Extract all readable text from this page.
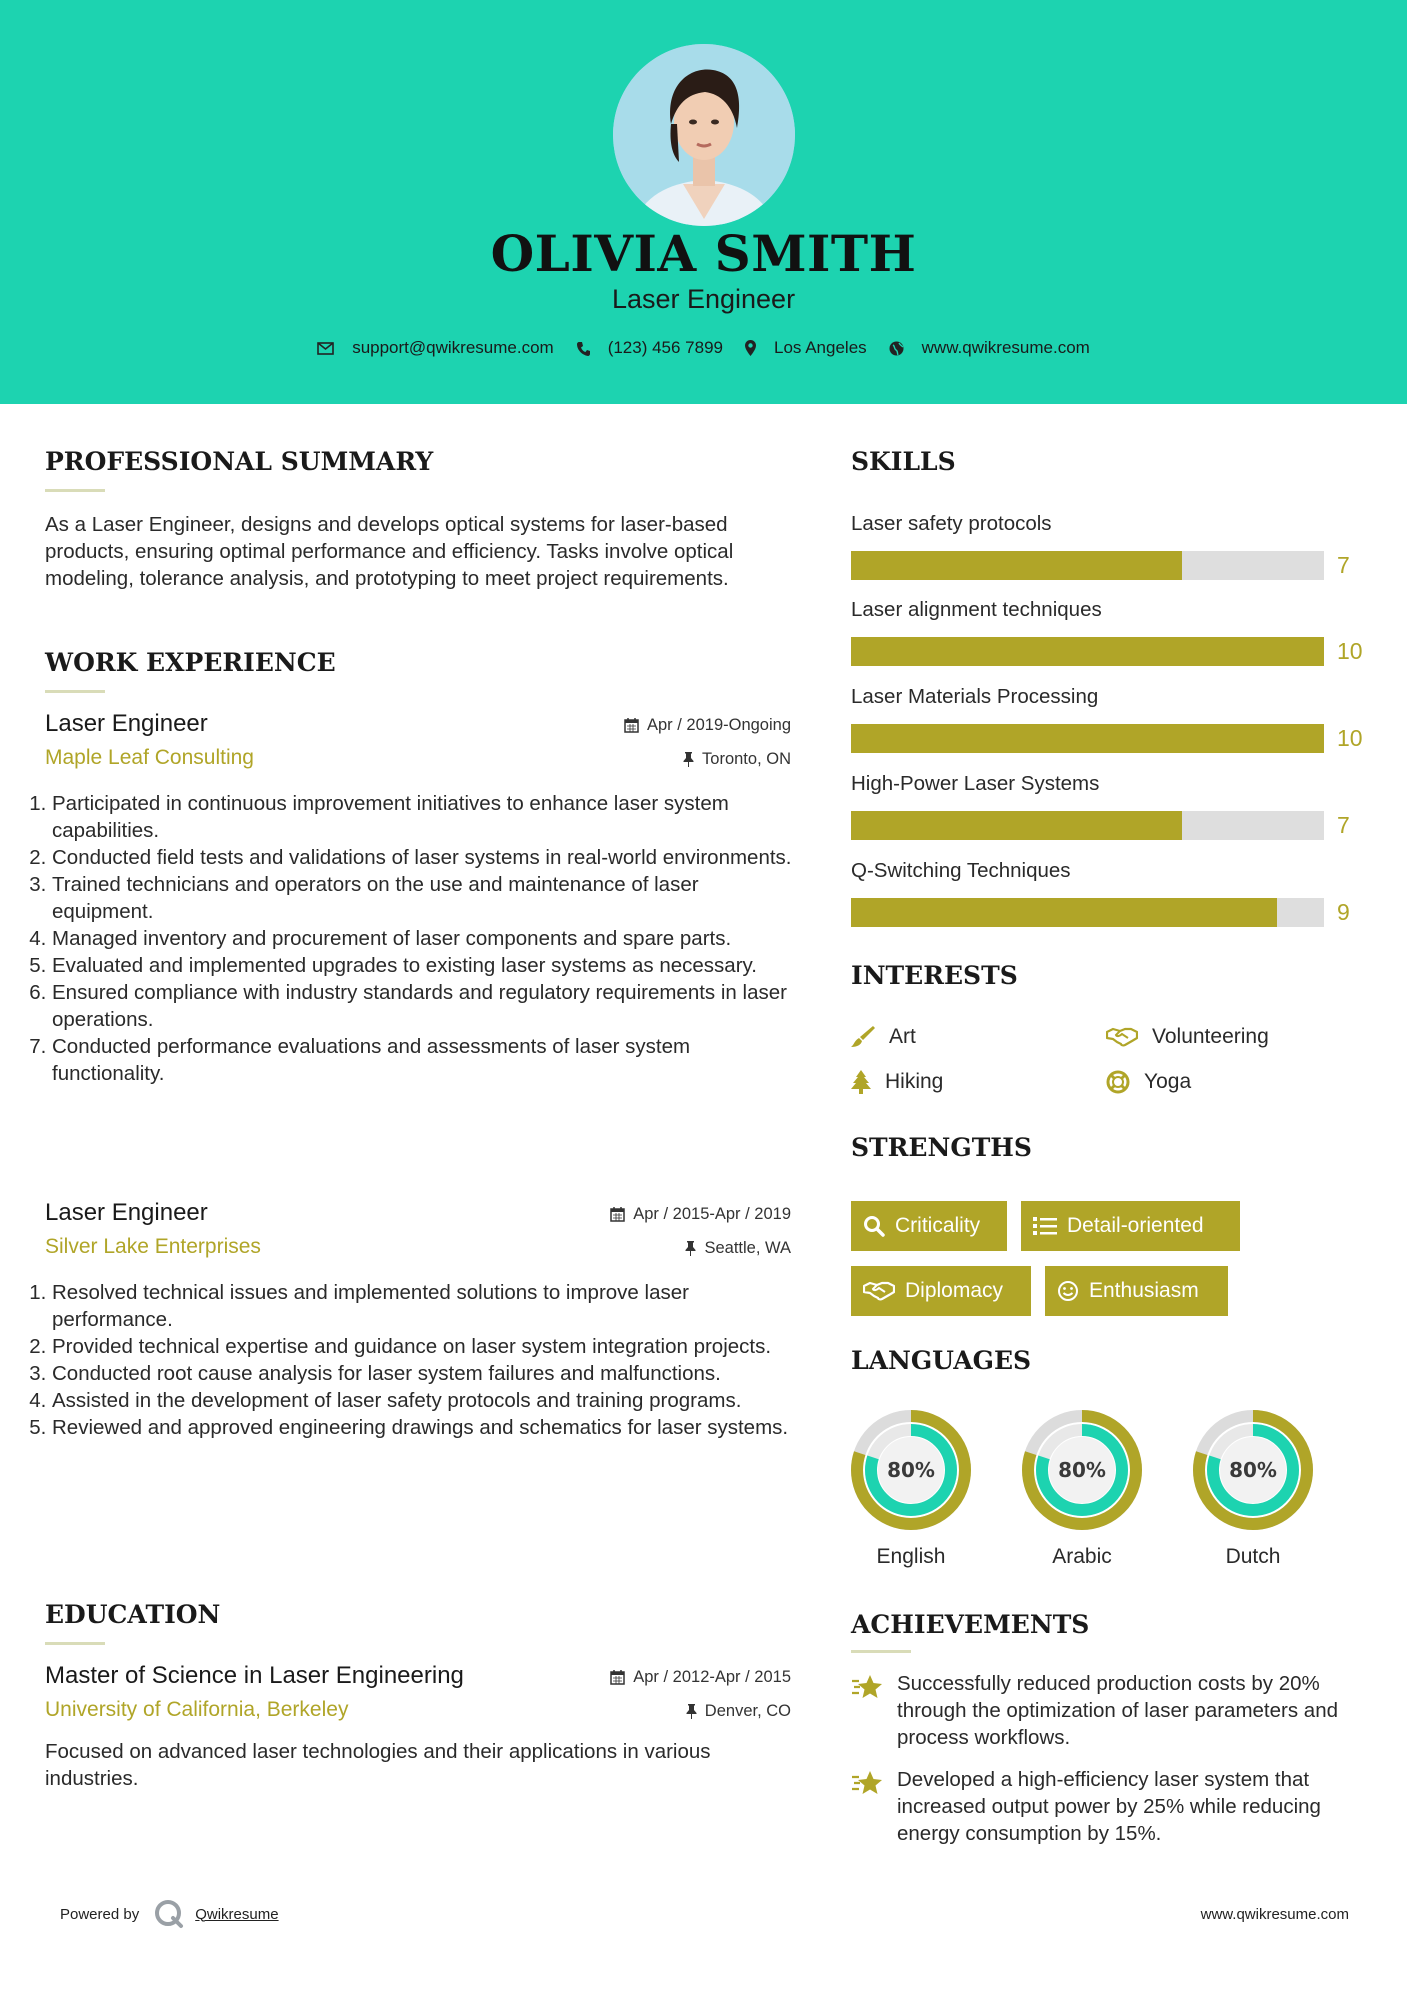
OLIVIA SMITH
Laser Engineer
support@qwikresume.com	(123) 456 7899	Los Angeles	www.qwikresume.com
PROFESSIONAL SUMMARY
As a Laser Engineer, designs and develops optical systems for laser-based products, ensuring optimal performance and efficiency. Tasks involve optical modeling, tolerance analysis, and prototyping to meet project requirements.
WORK EXPERIENCE
Laser Engineer	Apr / 2019-Ongoing
Maple Leaf Consulting	Toronto, ON
1. Participated in continuous improvement initiatives to enhance laser system capabilities.
2. Conducted field tests and validations of laser systems in real-world environments.
3. Trained technicians and operators on the use and maintenance of laser equipment.
4. Managed inventory and procurement of laser components and spare parts.
5. Evaluated and implemented upgrades to existing laser systems as necessary.
6. Ensured compliance with industry standards and regulatory requirements in laser operations.
7. Conducted performance evaluations and assessments of laser system functionality.
Laser Engineer	Apr / 2015-Apr / 2019
Silver Lake Enterprises	Seattle, WA
1. Resolved technical issues and implemented solutions to improve laser performance.
2. Provided technical expertise and guidance on laser system integration projects.
3. Conducted root cause analysis for laser system failures and malfunctions.
4. Assisted in the development of laser safety protocols and training programs.
5. Reviewed and approved engineering drawings and schematics for laser systems.
EDUCATION
Master of Science in Laser Engineering	Apr / 2012-Apr / 2015
University of California, Berkeley	Denver, CO
Focused on advanced laser technologies and their applications in various industries.
SKILLS
Laser safety protocols
7
Laser alignment techniques
10
Laser Materials Processing
10
High-Power Laser Systems
7
Q-Switching Techniques
9
INTERESTS
Art	Volunteering
Hiking	Yoga
STRENGTHS
Criticality	Detail-oriented
Diplomacy	Enthusiasm
LANGUAGES
80%
English
80%
Arabic
80%
Dutch
ACHIEVEMENTS
Successfully reduced production costs by 20% through the optimization of laser parameters and process workflows.
Developed a high-efficiency laser system that increased output power by 25% while reducing energy consumption by 15%.
Powered by	Qwikresume	www.qwikresume.com
